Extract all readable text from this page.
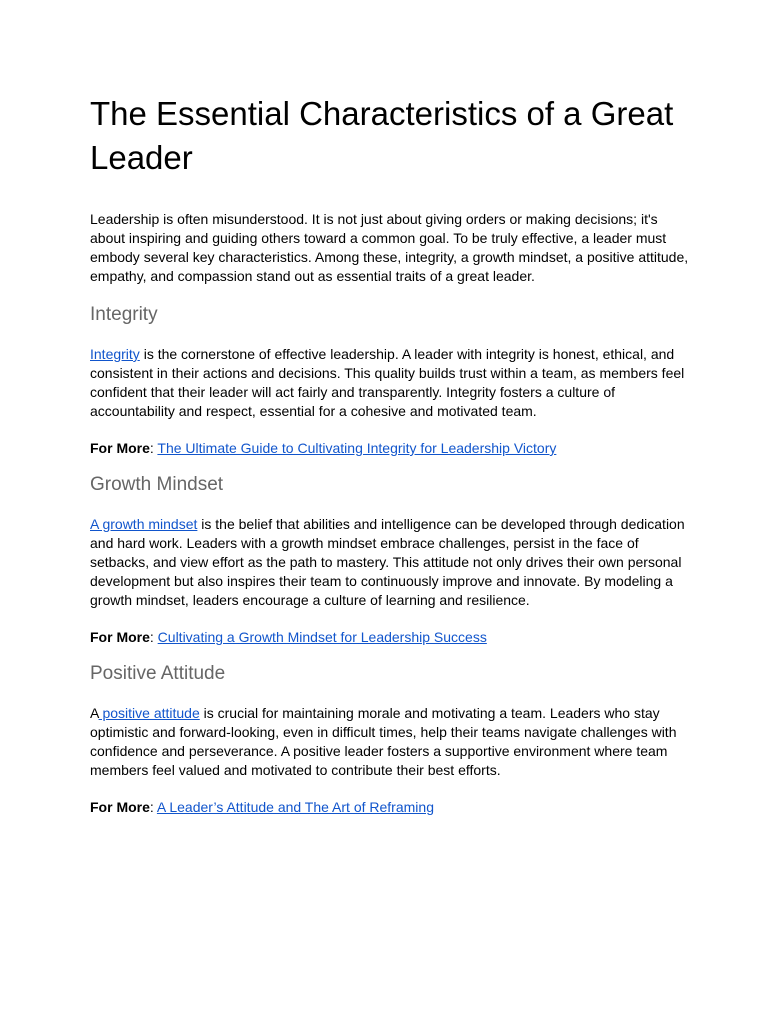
The Essential Characteristics of a Great Leader

Leadership is often misunderstood. It is not just about giving orders or making decisions; it's about inspiring and guiding others toward a common goal. To be truly effective, a leader must embody several key characteristics. Among these, integrity, a growth mindset, a positive attitude, empathy, and compassion stand out as essential traits of a great leader.

Integrity

Integrity is the cornerstone of effective leadership. A leader with integrity is honest, ethical, and consistent in their actions and decisions. This quality builds trust within a team, as members feel confident that their leader will act fairly and transparently. Integrity fosters a culture of accountability and respect, essential for a cohesive and motivated team.

For More: The Ultimate Guide to Cultivating Integrity for Leadership Victory

Growth Mindset

A growth mindset is the belief that abilities and intelligence can be developed through dedication and hard work. Leaders with a growth mindset embrace challenges, persist in the face of setbacks, and view effort as the path to mastery. This attitude not only drives their own personal development but also inspires their team to continuously improve and innovate. By modeling a growth mindset, leaders encourage a culture of learning and resilience.

For More: Cultivating a Growth Mindset for Leadership Success

Positive Attitude

A positive attitude is crucial for maintaining morale and motivating a team. Leaders who stay optimistic and forward-looking, even in difficult times, help their teams navigate challenges with confidence and perseverance. A positive leader fosters a supportive environment where team members feel valued and motivated to contribute their best efforts.

For More: A Leader’s Attitude and The Art of Reframing
